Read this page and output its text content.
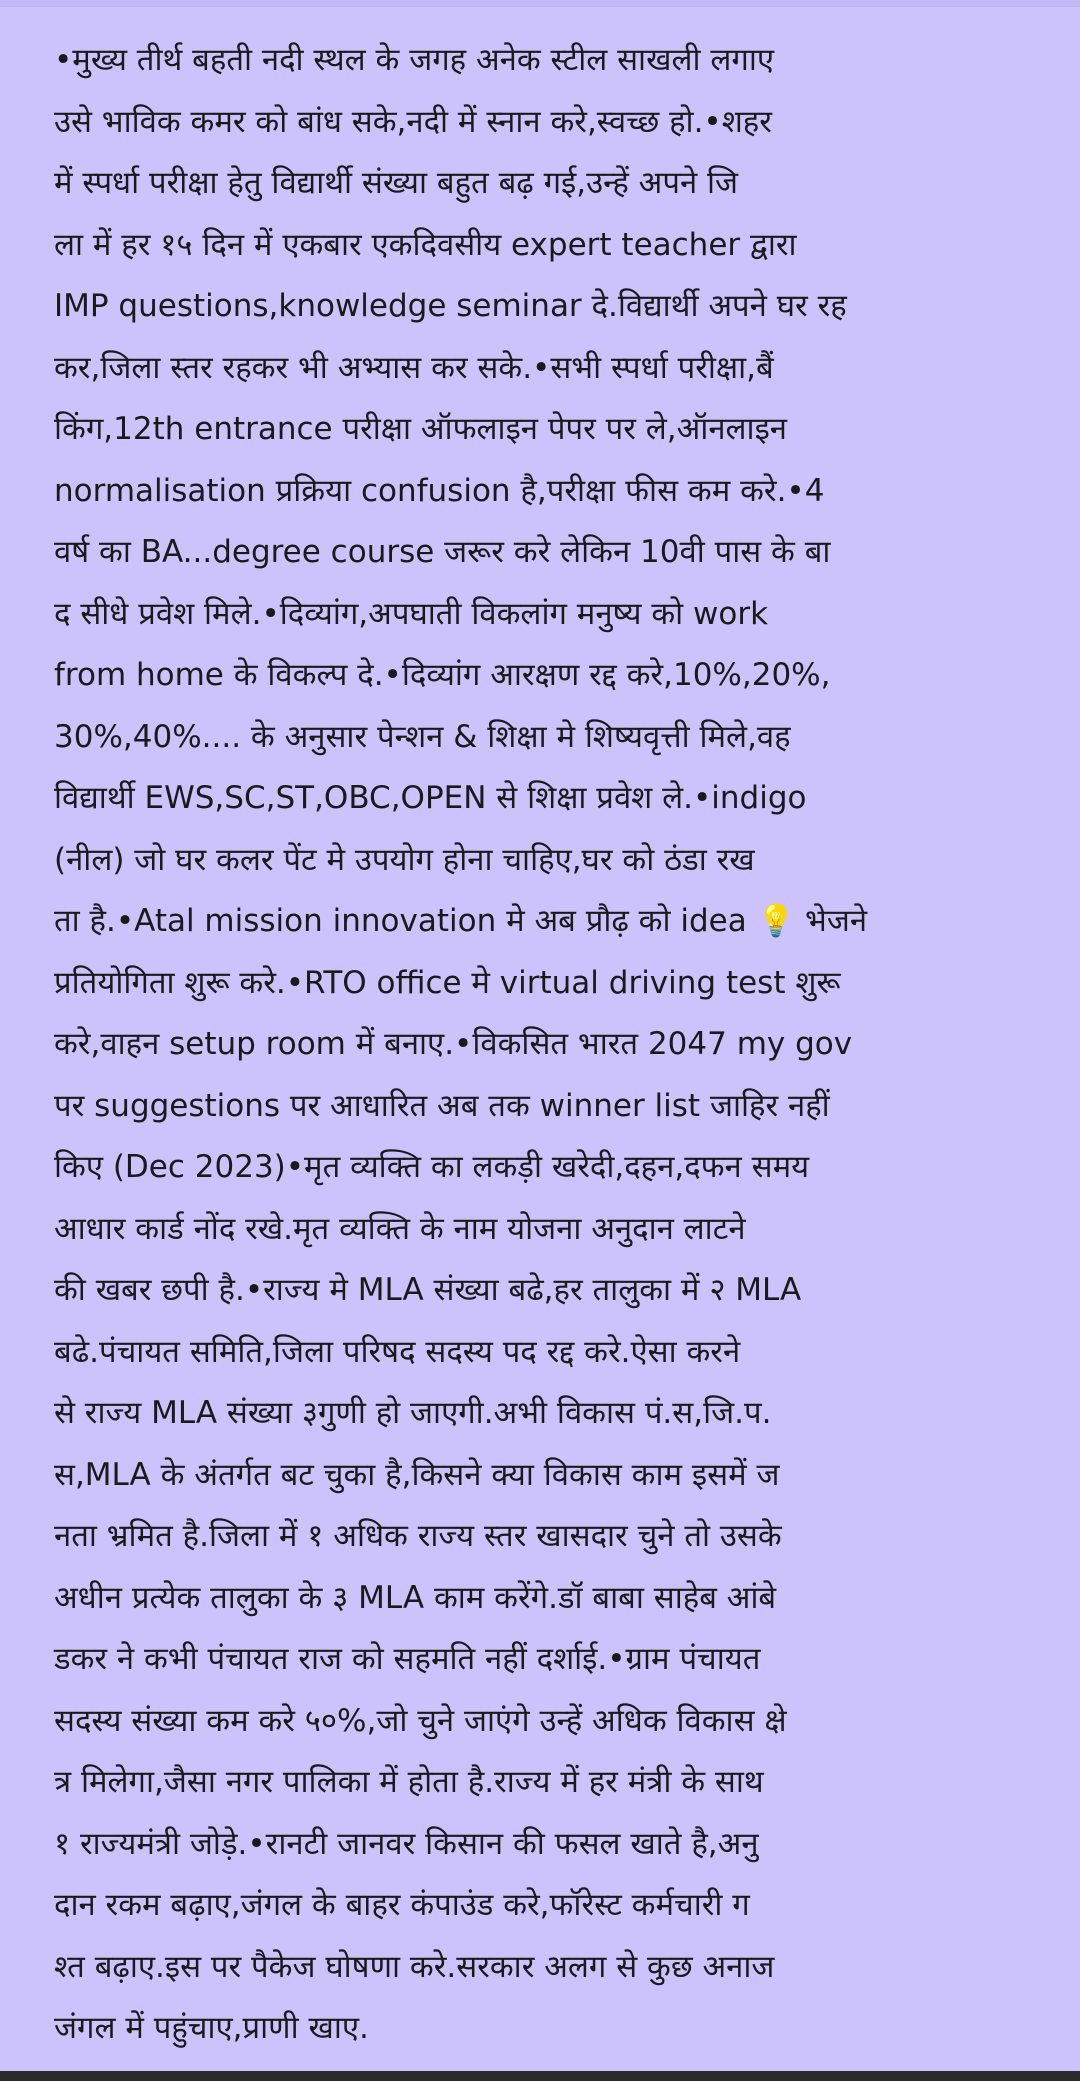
•मुख्य तीर्थ बहती नदी स्थल के जगह अनेक स्टील साखली लगाए
उसे भाविक कमर को बांध सके,नदी में स्नान करे,स्वच्छ हो.•शहर
में स्पर्धा परीक्षा हेतु विद्यार्थी संख्या बहुत बढ़ गई,उन्हें अपने जि
ला में हर १५ दिन में एकबार एकदिवसीय expert teacher द्वारा
IMP questions,knowledge seminar दे.विद्यार्थी अपने घर रह
कर,जिला स्तर रहकर भी अभ्यास कर सके.•सभी स्पर्धा परीक्षा,बैं
किंग,12th entrance परीक्षा ऑफलाइन पेपर पर ले,ऑनलाइन
normalisation प्रक्रिया confusion है,परीक्षा फीस कम करे.•4
वर्ष का BA...degree course जरूर करे लेकिन 10वी पास के बा
द सीधे प्रवेश मिले.•दिव्यांग,अपघाती विकलांग मनुष्य को work
from home के विकल्प दे.•दिव्यांग आरक्षण रद्द करे,10%,20%,
30%,40%.... के अनुसार पेन्शन & शिक्षा मे शिष्यवृत्ती मिले,वह
विद्यार्थी EWS,SC,ST,OBC,OPEN से शिक्षा प्रवेश ले.•indigo
(नील) जो घर कलर पेंट मे उपयोग होना चाहिए,घर को ठंडा रख
ता है.•Atal mission innovation मे अब प्रौढ़ को idea 💡 भेजने
प्रतियोगिता शुरू करे.•RTO office मे virtual driving test शुरू
करे,वाहन setup room में बनाए.•विकसित भारत 2047 my gov
पर suggestions पर आधारित अब तक winner list जाहिर नहीं
किए (Dec 2023)•मृत व्यक्ति का लकड़ी खरेदी,दहन,दफन समय
आधार कार्ड नोंद रखे.मृत व्यक्ति के नाम योजना अनुदान लाटने
की खबर छपी है.•राज्य मे MLA संख्या बढे,हर तालुका में २ MLA
बढे.पंचायत समिति,जिला परिषद सदस्य पद रद्द करे.ऐसा करने
से राज्य MLA संख्या ३गुणी हो जाएगी.अभी विकास पं.स,जि.प.
स,MLA के अंतर्गत बट चुका है,किसने क्या विकास काम इसमें ज
नता भ्रमित है.जिला में १ अधिक राज्य स्तर खासदार चुने तो उसके
अधीन प्रत्येक तालुका के ३ MLA काम करेंगे.डॉ बाबा साहेब आंबे
डकर ने कभी पंचायत राज को सहमति नहीं दर्शाई.•ग्राम पंचायत
सदस्य संख्या कम करे ५०%,जो चुने जाएंगे उन्हें अधिक विकास क्षे
त्र मिलेगा,जैसा नगर पालिका में होता है.राज्य में हर मंत्री के साथ
१ राज्यमंत्री जोड़े.•रानटी जानवर किसान की फसल खाते है,अनु
दान रकम बढ़ाए,जंगल के बाहर कंपाउंड करे,फॉरेस्ट कर्मचारी ग
श्त बढ़ाए.इस पर पैकेज घोषणा करे.सरकार अलग से कुछ अनाज
जंगल में पहुंचाए,प्राणी खाए.
